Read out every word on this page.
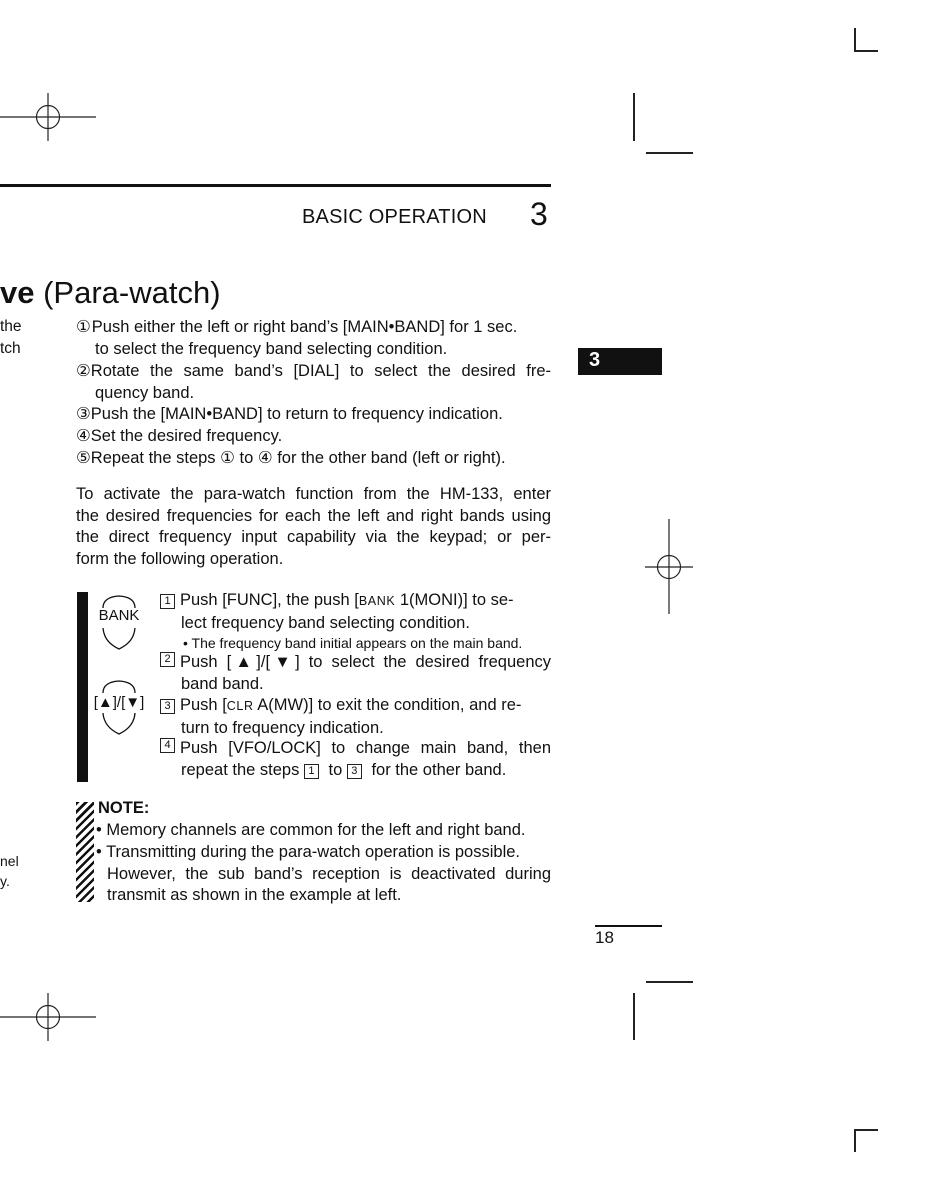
BASIC OPERATION 3
ve (Para-watch)
the
tch
nel
y.
3
① Push either the left or right band’s [MAIN•BAND] for 1 sec.
to select the frequency band selecting condition.
② Rotate the same band’s [DIAL] to select the desired fre-
quency band.
③Push the [MAIN•BAND] to return to frequency indication.
④Set the desired frequency.
⑤Repeat the steps ① to ④ for the other band (left or right).
To activate the para-watch function from the HM-133, enter
the desired frequencies for each the left and right bands using
the direct frequency input capability via the keypad; or per-
form the following operation.
BANK
[▲]/[▼]
1 Push [FUNC], the push [BANK 1(MONI)] to se-
lect frequency band selecting condition.
• The frequency band initial appears on the main band.
2 Push [▲]/[▼] to select the desired frequency
band band.
3 Push [CLR A(MW)] to exit the condition, and re-
turn to frequency indication.
4 Push [VFO/LOCK] to change main band, then
repeat the steps 1 to 3 for the other band.
NOTE:
• Memory channels are common for the left and right band.
• Transmitting during the para-watch operation is possible.
However, the sub band’s reception is deactivated during
transmit as shown in the example at left.
18
